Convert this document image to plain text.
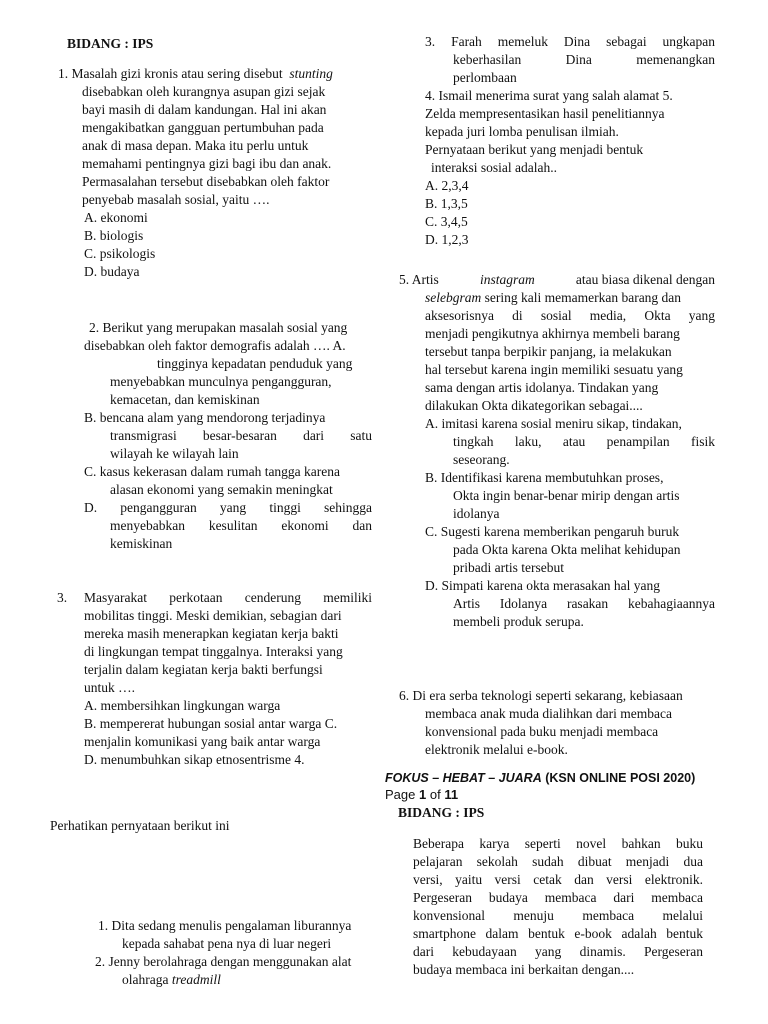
BIDANG : IPS
1. Masalah gizi kronis atau sering disebut stunting
disebabkan oleh kurangnya asupan gizi sejak
bayi masih di dalam kandungan. Hal ini akan
mengakibatkan gangguan pertumbuhan pada
anak di masa depan. Maka itu perlu untuk
memahami pentingnya gizi bagi ibu dan anak.
Permasalahan tersebut disebabkan oleh faktor
penyebab masalah sosial, yaitu ….
A. ekonomi
B. biologis
C. psikologis
D. budaya
2. Berikut yang merupakan masalah sosial yang
disebabkan oleh faktor demografis adalah …. A.
tingginya kepadatan penduduk yang
menyebabkan munculnya pengangguran,
kemacetan, dan kemiskinan
B. bencana alam yang mendorong terjadinya
transmigrasi besar-besaran dari satu
wilayah ke wilayah lain
C. kasus kekerasan dalam rumah tangga karena
alasan ekonomi yang semakin meningkat
D. pengangguran yang tinggi sehingga
menyebabkan kesulitan ekonomi dan
kemiskinan
3. Masyarakat perkotaan cenderung memiliki
mobilitas tinggi. Meski demikian, sebagian dari
mereka masih menerapkan kegiatan kerja bakti
di lingkungan tempat tinggalnya. Interaksi yang
terjalin dalam kegiatan kerja bakti berfungsi
untuk ….
A. membersihkan lingkungan warga
B. mempererat hubungan sosial antar warga C.
menjalin komunikasi yang baik antar warga
D. menumbuhkan sikap etnosentrisme 4.
Perhatikan pernyataan berikut ini
1. Dita sedang menulis pengalaman liburannya
kepada sahabat pena nya di luar negeri
2. Jenny berolahraga dengan menggunakan alat
olahraga treadmill
3. Farah memeluk Dina sebagai ungkapan
keberhasilan Dina memenangkan
perlombaan
4. Ismail menerima surat yang salah alamat 5.
Zelda mempresentasikan hasil penelitiannya
kepada juri lomba penulisan ilmiah.
Pernyataan berikut yang menjadi bentuk
interaksi sosial adalah..
A. 2,3,4
B. 1,3,5
C. 3,4,5
D. 1,2,3
5. Artis	instagram	atau biasa dikenal dengan
selebgram sering kali memamerkan barang dan
aksesorisnya di sosial media, Okta yang
menjadi pengikutnya akhirnya membeli barang
tersebut tanpa berpikir panjang, ia melakukan
hal tersebut karena ingin memiliki sesuatu yang
sama dengan artis idolanya. Tindakan yang
dilakukan Okta dikategorikan sebagai....
A. imitasi karena sosial meniru sikap, tindakan,
tingkah laku, atau penampilan fisik
seseorang.
B. Identifikasi karena membutuhkan proses,
Okta ingin benar-benar mirip dengan artis
idolanya
C. Sugesti karena memberikan pengaruh buruk
pada Okta karena Okta melihat kehidupan
pribadi artis tersebut
D. Simpati karena okta merasakan hal yang
Artis Idolanya rasakan kebahagiaannya
membeli produk serupa.
6. Di era serba teknologi seperti sekarang, kebiasaan
membaca anak muda dialihkan dari membaca
konvensional pada buku menjadi membaca
elektronik melalui e-book.
FOKUS – HEBAT – JUARA (KSN ONLINE POSI 2020)
Page 1 of 11
BIDANG : IPS
Beberapa karya seperti novel bahkan buku
pelajaran sekolah sudah dibuat menjadi dua
versi, yaitu versi cetak dan versi elektronik.
Pergeseran budaya membaca dari membaca
konvensional menuju membaca melalui
smartphone dalam bentuk e-book adalah bentuk
dari kebudayaan yang dinamis. Pergeseran
budaya membaca ini berkaitan dengan....
